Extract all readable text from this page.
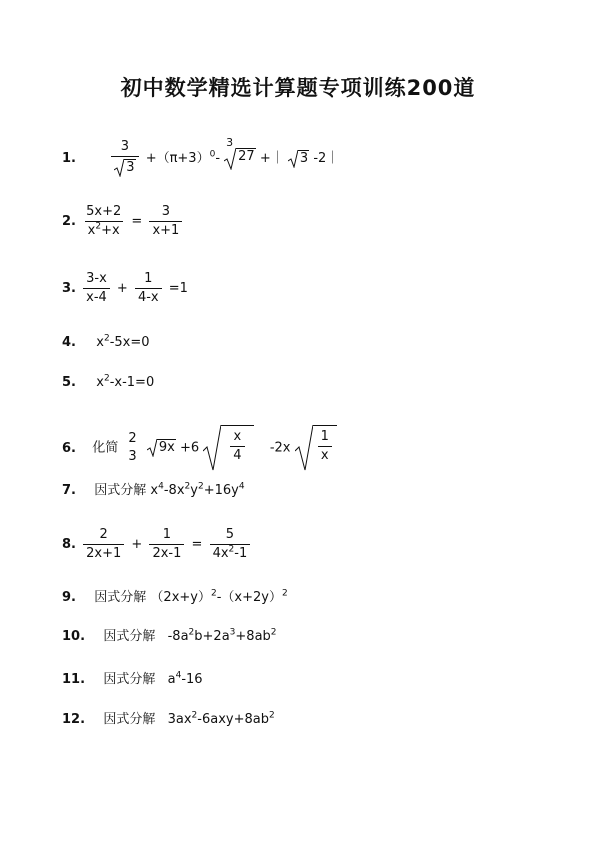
初中数学精选计算题专项训练200道
1.	$\frac{3}{3} +(\pi+3)^0-$
3
27 +｜ 3 -2｜
2. $\frac{5x+2}{x^2+x} = \frac{3}{x+1}$
3. $\frac{3-x}{x-4} + \frac{1}{4-x} =1$
4. $x^2-5x=0$
5. $x^2-x-1=0$
6. 化简
2
3

$9x +6 \frac{x}{4} -2x \frac{1}{x}$
7. 因式分解 $x^4-8x^2y^2+16y^4$
8. $\frac{2}{2x+1} + \frac{1}{2x-1} = \frac{5}{4x^2-1}$
9. 因式分解 $(2x+y)^2-(x+2y)^2$
10. 因式分解 $-8a^2b+2a^3+8ab^2$
11. 因式分解 $a^4-16$
12. 因式分解 $3ax^2-6axy+8ab^2$
